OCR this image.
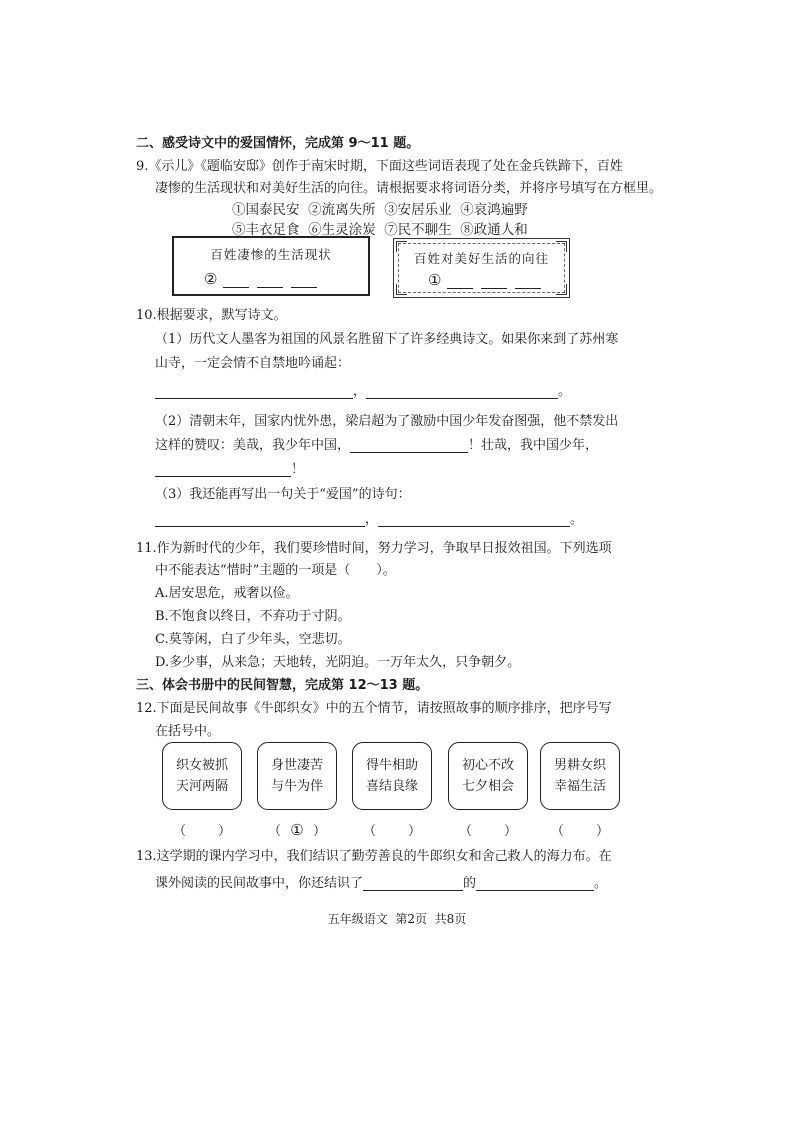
二、感受诗文中的爱国情怀，完成第 9～11 题。
9.《示儿》《题临安邸》创作于南宋时期，下面这些词语表现了处在金兵铁蹄下，百姓
凄惨的生活现状和对美好生活的向往。请根据要求将词语分类，并将序号填写在方框里。
①国泰民安 ②流离失所 ③安居乐业 ④哀鸿遍野
⑤丰衣足食 ⑥生灵涂炭 ⑦民不聊生 ⑧政通人和
百姓凄惨的生活现状
②
百姓对美好生活的向往
①
10.根据要求，默写诗文。
（1）历代文人墨客为祖国的风景名胜留下了许多经典诗文。如果你来到了苏州寒
山寺，一定会情不自禁地吟诵起：
，	。
（2）清朝末年，国家内忧外患，梁启超为了激励中国少年发奋图强，他不禁发出
这样的赞叹：美哉，我少年中国，	！壮哉，我中国少年，
！
（3）我还能再写出一句关于“爱国”的诗句：
，	。
11.作为新时代的少年，我们要珍惜时间，努力学习，争取早日报效祖国。下列选项
中不能表达“惜时”主题的一项是（　　）。
A.居安思危，戒奢以俭。
B.不饱食以终日，不弃功于寸阴。
C.莫等闲，白了少年头，空悲切。
D.多少事，从来急；天地转，光阴迫。一万年太久，只争朝夕。
三、体会书册中的民间智慧，完成第 12～13 题。
12.下面是民间故事《牛郎织女》中的五个情节，请按照故事的顺序排序，把序号写
在括号中。
织女被抓
天河两隔
身世凄苦
与牛为伴
得牛相助
喜结良缘
初心不改
七夕相会
男耕女织
幸福生活
（ ）	（ ① ）	（ ）	（ ）	（ ）
13.这学期的课内学习中，我们结识了勤劳善良的牛郎织女和舍己救人的海力布。在
课外阅读的民间故事中，你还结识了	的	。
五年级语文  第2页  共8页
